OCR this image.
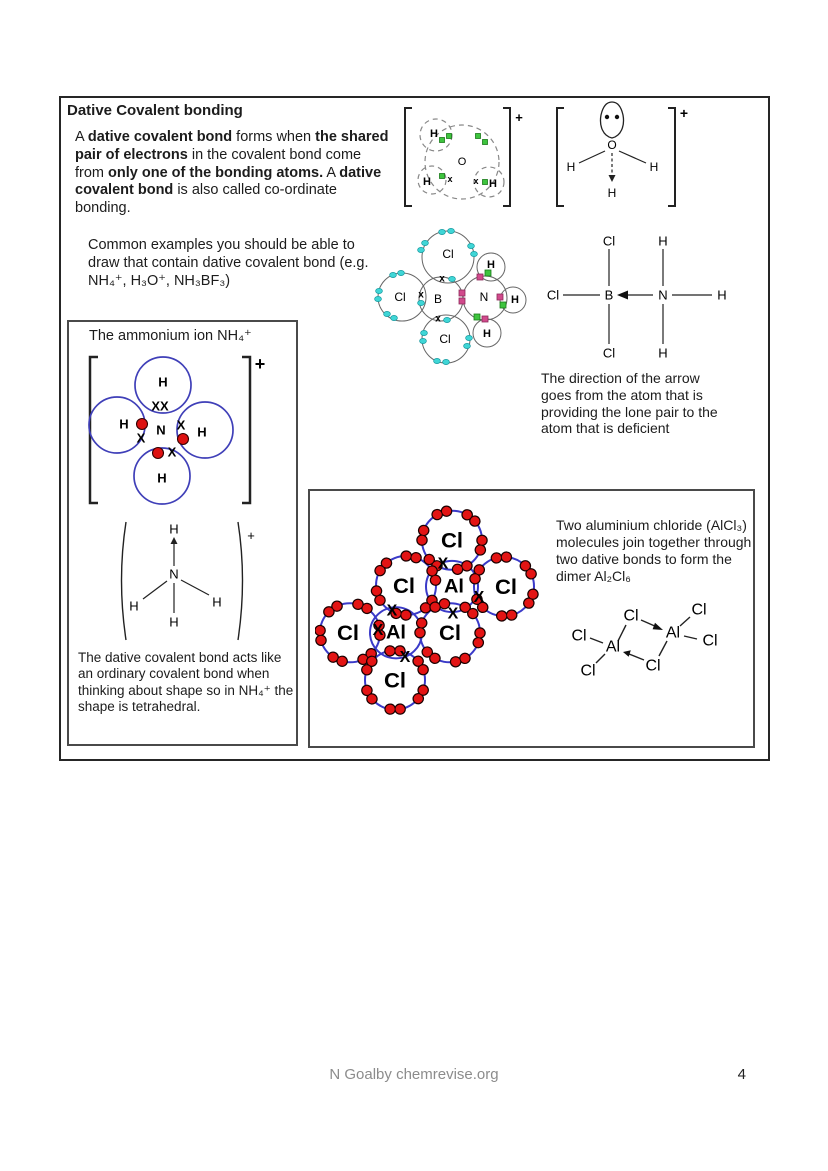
Dative Covalent bonding

A dative covalent bond forms when the shared pair of electrons in the covalent bond come from only one of the bonding atoms. A dative covalent bond is also called co-ordinate bonding.

Common examples you should be able to draw that contain dative covalent bond (e.g. NH₄⁺, H₃O⁺, NH₃BF₃)

+
O
H
H	H
x x
+
O
H	H
H
x
x
x
Cl
Cl B
Cl
N
H
H
H
Cl	H
Cl	B	N	H
Cl	H

The direction of the arrow goes from the atom that is providing the lone pair to the atom that is deficient

The ammonium ion NH₄⁺
+
N
H
H
H
H
XX
X
X
X
+
H
N
H	H
H

The dative covalent bond acts like an ordinary covalent bond when thinking about shape so in NH₄⁺ the shape is tetrahedral.

Cl
Cl Al Cl
Cl Al Cl
Cl
X
X
X
X
X
X

Two aluminium chloride (AlCl₃) molecules join together through two dative bonds to form the dimer Al₂Cl₆

Cl
Al
Cl
Cl
Cl
Al
Cl	Cl
N Goalby chemrevise.org	4
